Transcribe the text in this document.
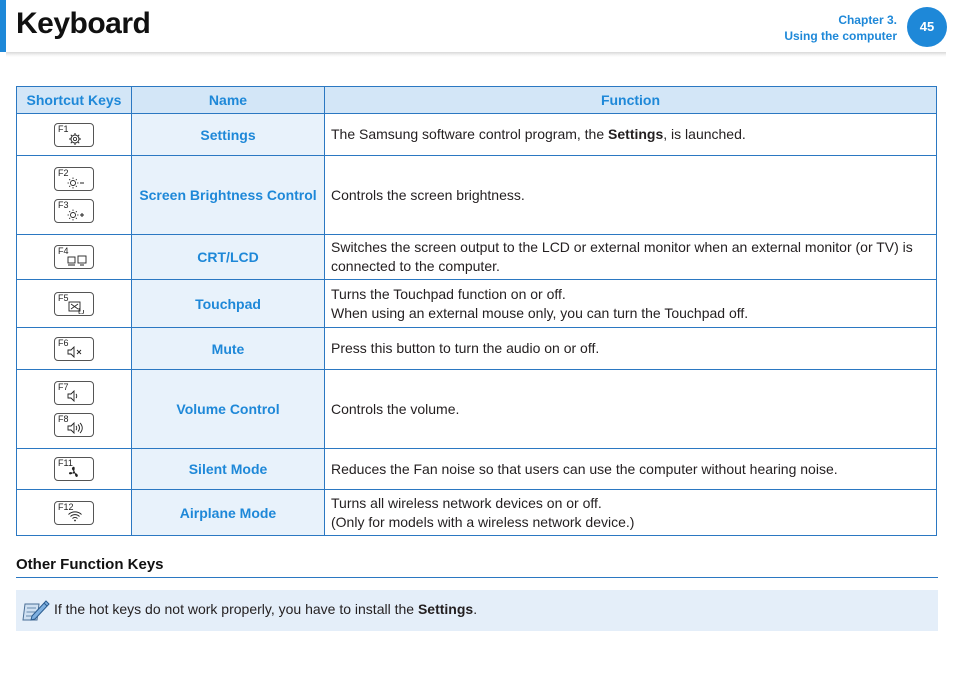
Keyboard	Chapter 3.
Using the computer
45
Shortcut Keys	Name	Function

F1	Settings	The Samsung software control program, the Settings, is launched.

F2
F3	Screen Brightness Control	Controls the screen brightness.

F4	CRT/LCD	Switches the screen output to the LCD or external monitor when an external monitor (or TV) is connected to the computer.

F5	Touchpad	Turns the Touchpad function on or off.
When using an external mouse only, you can turn the Touchpad off.

F6	Mute	Press this button to turn the audio on or off.

F7
F8	Volume Control	Controls the volume.

F11	Silent Mode	Reduces the Fan noise so that users can use the computer without hearing noise.

F12	Airplane Mode	Turns all wireless network devices on or off.
(Only for models with a wireless network device.)
Other Function Keys
If the hot keys do not work properly, you have to install the Settings.
